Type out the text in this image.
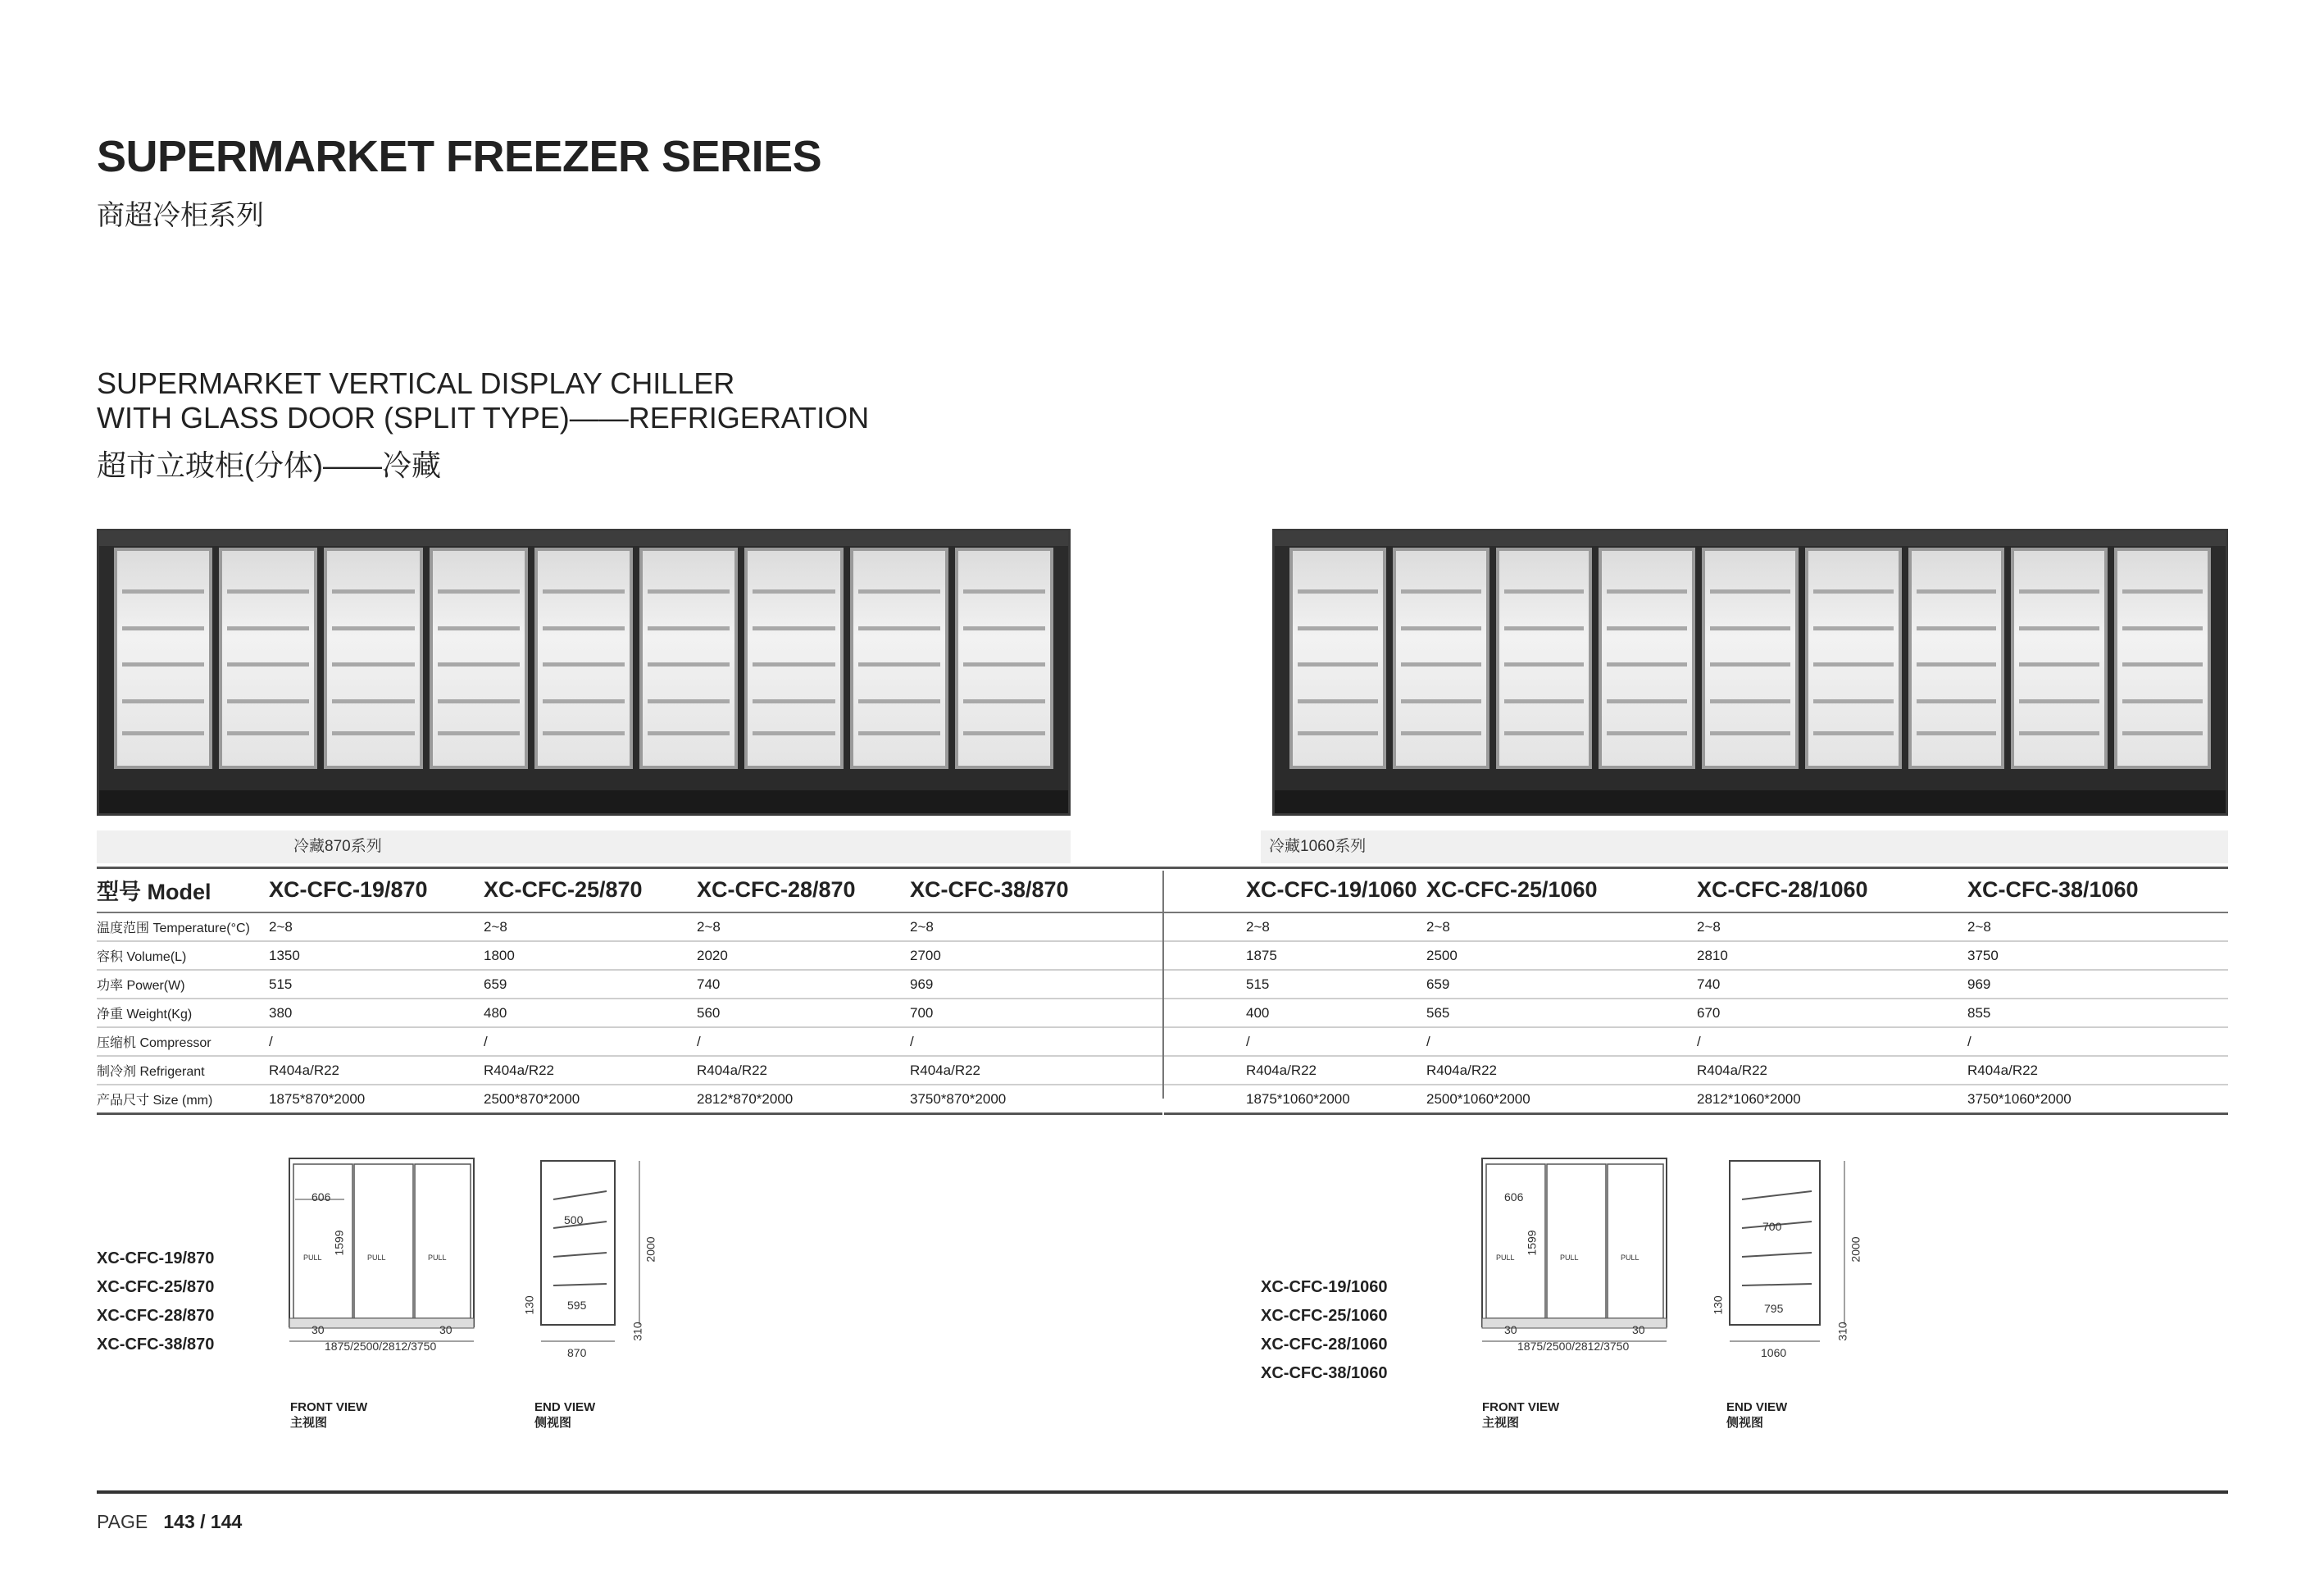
SUPERMARKET FREEZER SERIES
商超冷柜系列
SUPERMARKET VERTICAL DISPLAY CHILLER
WITH GLASS DOOR (SPLIT TYPE)——REFRIGERATION
超市立玻柜(分体)——冷藏
冷藏870系列	冷藏1060系列
型号 Model	XC-CFC-19/870	XC-CFC-25/870	XC-CFC-28/870	XC-CFC-38/870
温度范围 Temperature(°C)	2~8	2~8	2~8	2~8
容积 Volume(L)	1350	1800	2020	2700
功率 Power(W)	515	659	740	969
净重 Weight(Kg)	380	480	560	700
压缩机 Compressor	/	/	/	/
制冷剂 Refrigerant	R404a/R22	R404a/R22	R404a/R22	R404a/R22
产品尺寸 Size (mm)	1875*870*2000	2500*870*2000	2812*870*2000	3750*870*2000
XC-CFC-19/1060	XC-CFC-25/1060	XC-CFC-28/1060	XC-CFC-38/1060
2~8	2~8	2~8	2~8
1875	2500	2810	3750
515	659	740	969
400	565	670	855
/	/	/	/
R404a/R22	R404a/R22	R404a/R22	R404a/R22
1875*1060*2000	2500*1060*2000	2812*1060*2000	3750*1060*2000
XC-CFC-19/870
XC-CFC-25/870
XC-CFC-28/870
XC-CFC-38/870
606
1599
PULL	PULL	PULL
30	30
1875/2500/2812/3750
500
595
870
2000
130
310
FRONT VIEW
主视图
END VIEW
侧视图
XC-CFC-19/1060
XC-CFC-25/1060
XC-CFC-28/1060
XC-CFC-38/1060
606
1599
PULL	PULL	PULL
30	30
1875/2500/2812/3750
700
795
1060
2000
130
310
FRONT VIEW
主视图
END VIEW
侧视图
PAGE 143 / 144
